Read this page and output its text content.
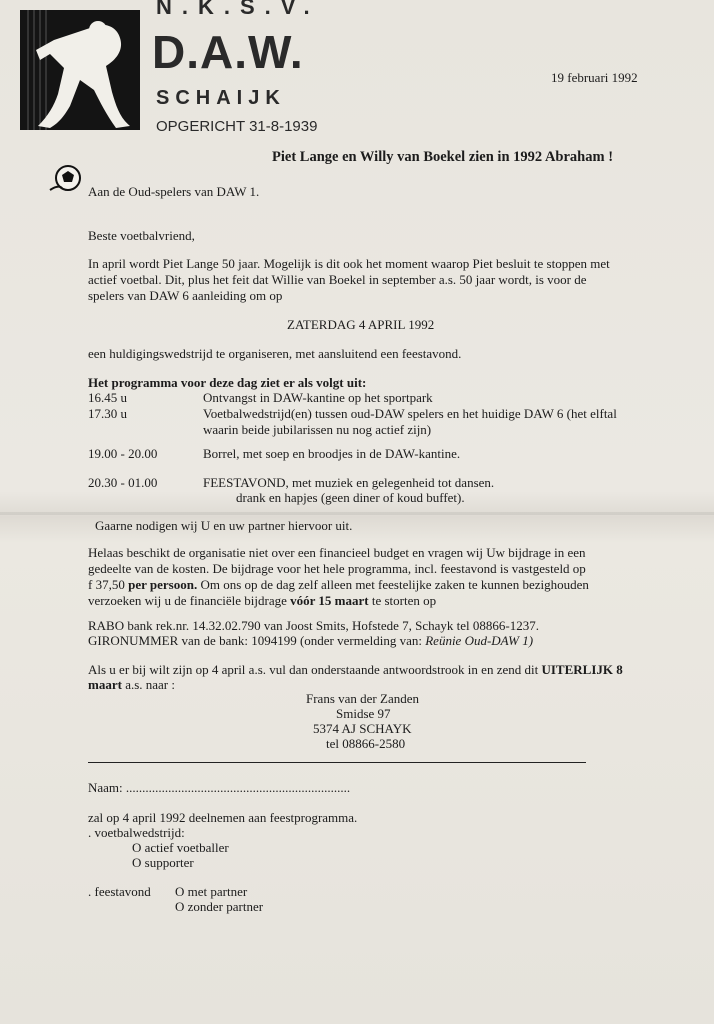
N.K.S.V.
D.A.W.
SCHAIJK
OPGERICHT 31-8-1939
19 februari 1992
Piet Lange en Willy van Boekel zien in 1992 Abraham !
Aan de Oud-spelers van DAW 1.
Beste voetbalvriend,
In april wordt Piet Lange 50 jaar. Mogelijk is dit ook het moment waarop Piet besluit te stoppen met
actief voetbal. Dit, plus het feit dat Willie van Boekel in september a.s. 50 jaar wordt, is voor de
spelers van DAW 6 aanleiding om op
ZATERDAG 4 APRIL 1992
een huldigingswedstrijd te organiseren, met aansluitend een feestavond.
Het programma voor deze dag ziet er als volgt uit:
16.45 u	Ontvangst in DAW-kantine op het sportpark
17.30 u	Voetbalwedstrijd(en) tussen oud-DAW spelers en het huidige DAW 6 (het elftal
waarin beide jubilarissen nu nog actief zijn)
19.00 - 20.00	Borrel, met soep en broodjes in de DAW-kantine.
20.30 - 01.00	FEESTAVOND, met muziek en gelegenheid tot dansen.
drank en hapjes (geen diner of koud buffet).
Gaarne nodigen wij U en uw partner hiervoor uit.
Helaas beschikt de organisatie niet over een financieel budget en vragen wij Uw bijdrage in een
gedeelte van de kosten. De bijdrage voor het hele programma, incl. feestavond is vastgesteld op
f 37,50 per persoon. Om ons op de dag zelf alleen met feestelijke zaken te kunnen bezighouden
verzoeken wij u de financiële bijdrage vóór 15 maart te storten op
RABO bank rek.nr. 14.32.02.790 van Joost Smits, Hofstede 7, Schayk tel 08866-1237.
GIRONUMMER van de bank: 1094199 (onder vermelding van: Reünie Oud-DAW 1)
Als u er bij wilt zijn op 4 april a.s. vul dan onderstaande antwoordstrook in en zend dit UITERLIJK 8
maart a.s. naar :
Frans van der Zanden
Smidse 97
5374 AJ SCHAYK
tel 08866-2580
Naam: .....................................................................
zal op 4 april 1992 deelnemen aan feestprogramma.
. voetbalwedstrijd:
O actief voetballer
O supporter
. feestavond O met partner
O zonder partner
